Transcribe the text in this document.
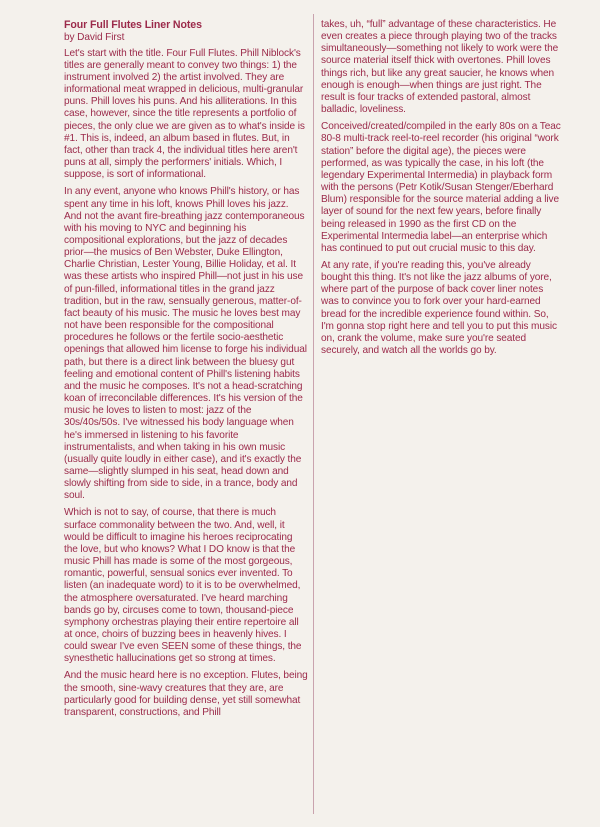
Four Full Flutes Liner Notes
by David First

Let's start with the title. Four Full Flutes. Phill Niblock's titles are generally meant to convey two things: 1) the instrument involved 2) the artist involved. They are informational meat wrapped in delicious, multi-granular puns. Phill loves his puns. And his alliterations. In this case, however, since the title represents a portfolio of pieces, the only clue we are given as to what's inside is #1. This is, indeed, an album based in flutes. But, in fact, other than track 4, the individual titles here aren't puns at all, simply the performers' initials. Which, I suppose, is sort of informational.

In any event, anyone who knows Phill's history, or has spent any time in his loft, knows Phill loves his jazz. And not the avant fire-breathing jazz contemporaneous with his moving to NYC and beginning his compositional explorations, but the jazz of decades prior—the musics of Ben Webster, Duke Ellington, Charlie Christian, Lester Young, Billie Holiday, et al. It was these artists who inspired Phill—not just in his use of pun-filled, informational titles in the grand jazz tradition, but in the raw, sensually generous, matter-of-fact beauty of his music. The music he loves best may not have been responsible for the compositional procedures he follows or the fertile socio-aesthetic openings that allowed him license to forge his individual path, but there is a direct link between the bluesy gut feeling and emotional content of Phill's listening habits and the music he composes. It's not a head-scratching koan of irreconcilable differences. It's his version of the music he loves to listen to most: jazz of the 30s/40s/50s. I've witnessed his body language when he's immersed in listening to his favorite instrumentalists, and when taking in his own music (usually quite loudly in either case), and it's exactly the same—slightly slumped in his seat, head down and slowly shifting from side to side, in a trance, body and soul.

Which is not to say, of course, that there is much surface commonality between the two. And, well, it would be difficult to imagine his heroes reciprocating the love, but who knows? What I DO know is that the music Phill has made is some of the most gorgeous, romantic, powerful, sensual sonics ever invented. To listen (an inadequate word) to it is to be overwhelmed, the atmosphere oversaturated. I've heard marching bands go by, circuses come to town, thousand-piece symphony orchestras playing their entire repertoire all at once, choirs of buzzing bees in heavenly hives. I could swear I've even SEEN some of these things, the synesthetic hallucinations get so strong at times.

And the music heard here is no exception. Flutes, being the smooth, sine-wavy creatures that they are, are particularly good for building dense, yet still somewhat transparent, constructions, and Phill

takes, uh, “full” advantage of these characteristics. He even creates a piece through playing two of the tracks simultaneously—something not likely to work were the source material itself thick with overtones. Phill loves things rich, but like any great saucier, he knows when enough is enough—when things are just right. The result is four tracks of extended pastoral, almost balladic, loveliness.

Conceived/created/compiled in the early 80s on a Teac 80-8 multi-track reel-to-reel recorder (his original “work station” before the digital age), the pieces were performed, as was typically the case, in his loft (the legendary Experimental Intermedia) in playback form with the persons (Petr Kotik/Susan Stenger/Eberhard Blum) responsible for the source material adding a live layer of sound for the next few years, before finally being released in 1990 as the first CD on the Experimental Intermedia label—an enterprise which has continued to put out crucial music to this day.

At any rate, if you're reading this, you've already bought this thing. It's not like the jazz albums of yore, where part of the purpose of back cover liner notes was to convince you to fork over your hard-earned bread for the incredible experience found within. So, I'm gonna stop right here and tell you to put this music on, crank the volume, make sure you're seated securely, and watch all the worlds go by.
